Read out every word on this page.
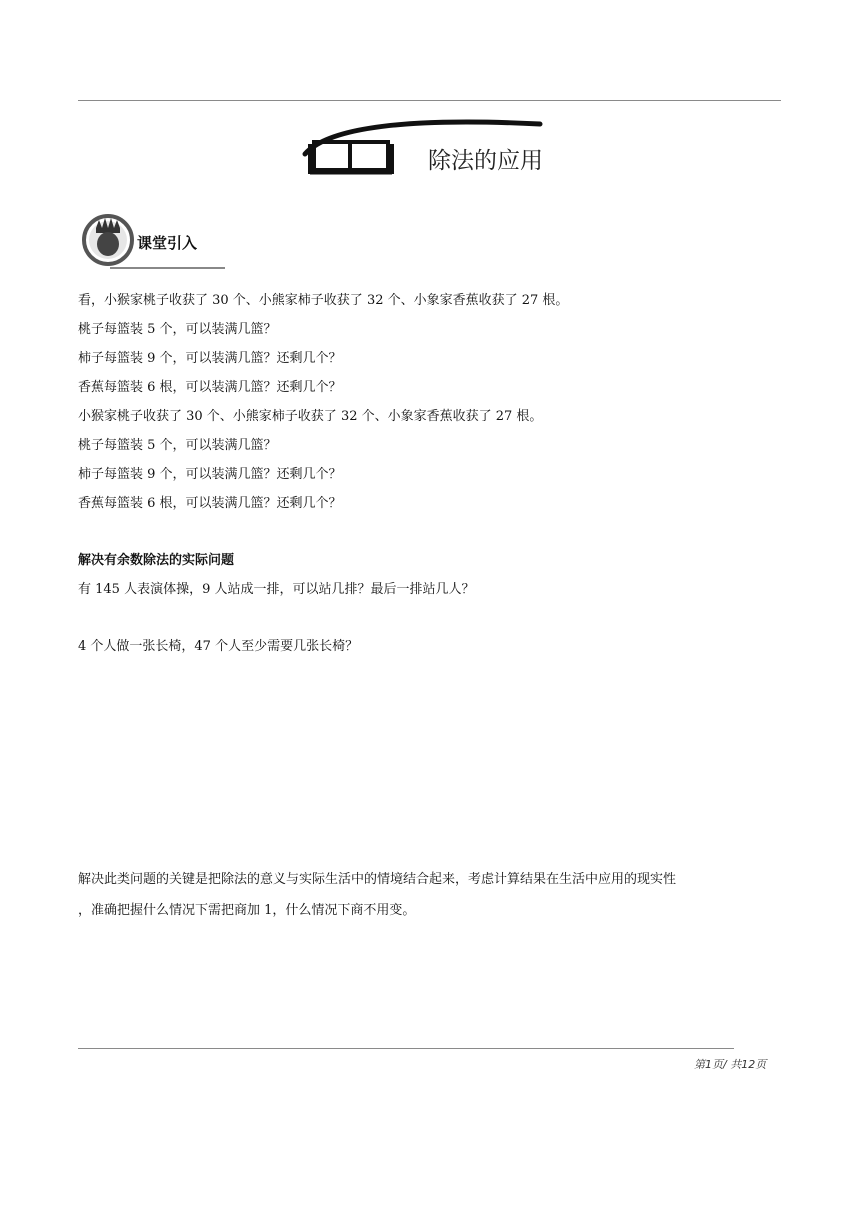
除法的应用
课堂引入
看，小猴家桃子收获了 30 个、小熊家柿子收获了 32 个、小象家香蕉收获了 27 根。
桃子每篮装 5 个，可以装满几篮？
柿子每篮装 9 个，可以装满几篮？还剩几个？
香蕉每篮装 6 根，可以装满几篮？还剩几个？
小猴家桃子收获了 30 个、小熊家柿子收获了 32 个、小象家香蕉收获了 27 根。
桃子每篮装 5 个，可以装满几篮？
柿子每篮装 9 个，可以装满几篮？还剩几个？
香蕉每篮装 6 根，可以装满几篮？还剩几个？
解决有余数除法的实际问题
有 145 人表演体操，9 人站成一排，可以站几排？最后一排站几人？
4 个人做一张长椅，47 个人至少需要几张长椅？
解决此类问题的关键是把除法的意义与实际生活中的情境结合起来，考虑计算结果在生活中应用的现实性
，准确把握什么情况下需把商加 1，什么情况下商不用变。
第1页/ 共12页
